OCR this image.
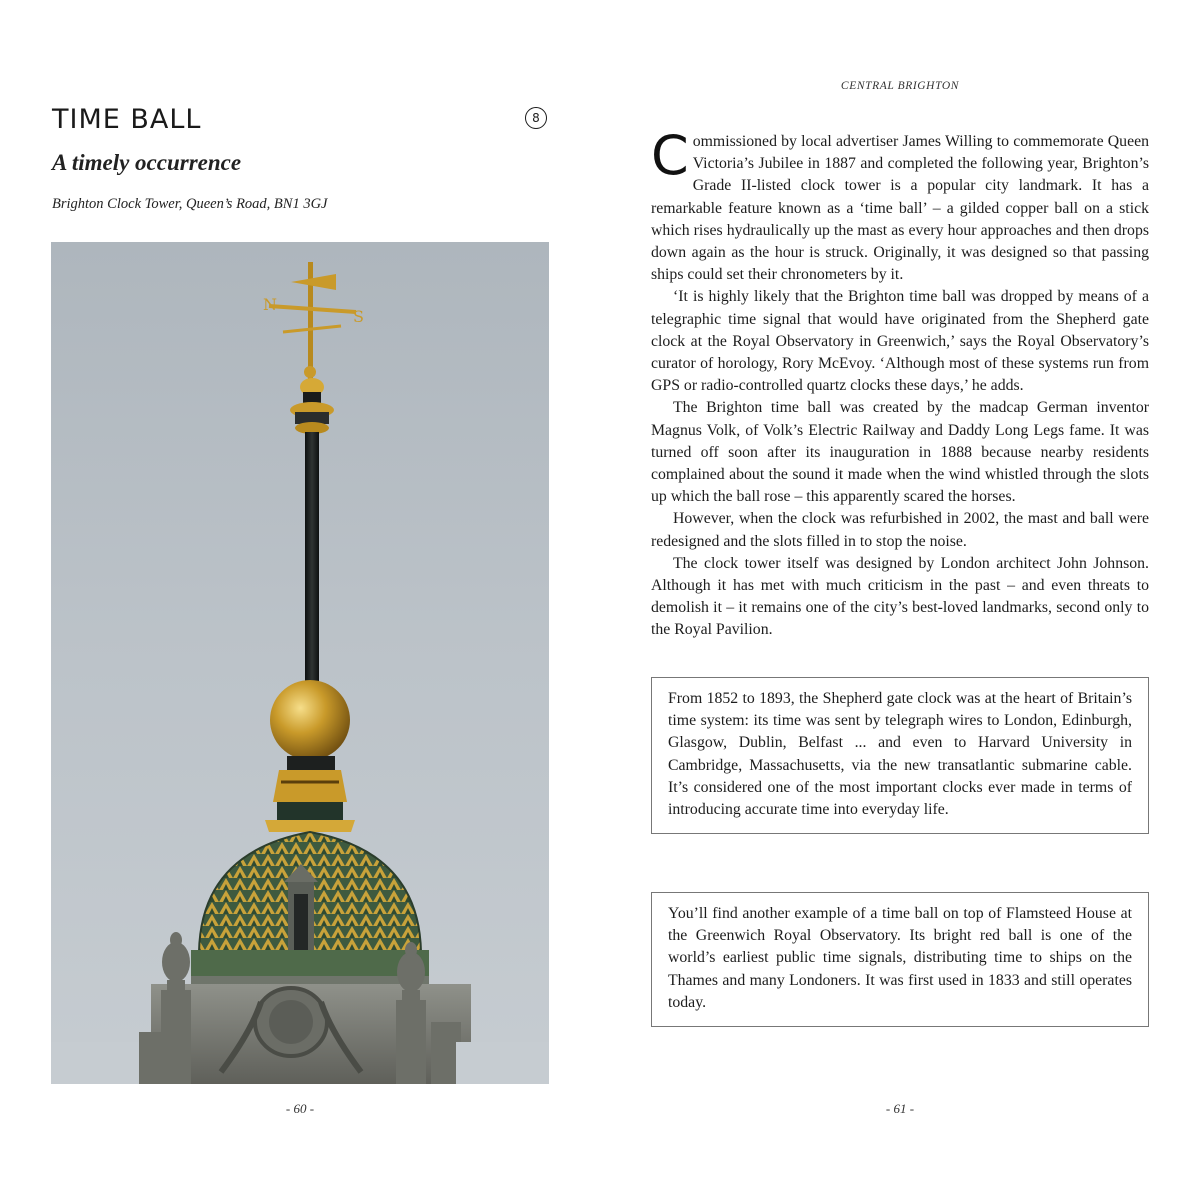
TIME BALL	8
A timely occurrence

Brighton Clock Tower, Queen’s Road, BN1 3GJ

N
S
- 60 -

CENTRAL BRIGHTON

Commissioned by local advertiser James Willing to commemorate Queen Victoria’s Jubilee in 1887 and completed the following year, Brighton’s Grade II-listed clock tower is a popular city landmark. It has a remarkable feature known as a ‘time ball’ – a gilded copper ball on a stick which rises hydraulically up the mast as every hour approaches and then drops down again as the hour is struck. Originally, it was designed so that passing ships could set their chronometers by it.

‘It is highly likely that the Brighton time ball was dropped by means of a telegraphic time signal that would have originated from the Shepherd gate clock at the Royal Observatory in Greenwich,’ says the Royal Observatory’s curator of horology, Rory McEvoy. ‘Although most of these systems run from GPS or radio-controlled quartz clocks these days,’ he adds.

The Brighton time ball was created by the madcap German inventor Magnus Volk, of Volk’s Electric Railway and Daddy Long Legs fame. It was turned off soon after its inauguration in 1888 because nearby residents complained about the sound it made when the wind whistled through the slots up which the ball rose – this apparently scared the horses.

However, when the clock was refurbished in 2002, the mast and ball were redesigned and the slots filled in to stop the noise.

The clock tower itself was designed by London architect John Johnson. Although it has met with much criticism in the past – and even threats to demolish it – it remains one of the city’s best-loved landmarks, second only to the Royal Pavilion.

From 1852 to 1893, the Shepherd gate clock was at the heart of Britain’s time system: its time was sent by telegraph wires to London, Edinburgh, Glasgow, Dublin, Belfast ... and even to Harvard University in Cambridge, Massachusetts, via the new transatlantic submarine cable. It’s considered one of the most important clocks ever made in terms of introducing accurate time into everyday life.
You’ll find another example of a time ball on top of Flamsteed House at the Greenwich Royal Observatory. Its bright red ball is one of the world’s earliest public time signals, distributing time to ships on the Thames and many Londoners. It was first used in 1833 and still operates today.
- 61 -
